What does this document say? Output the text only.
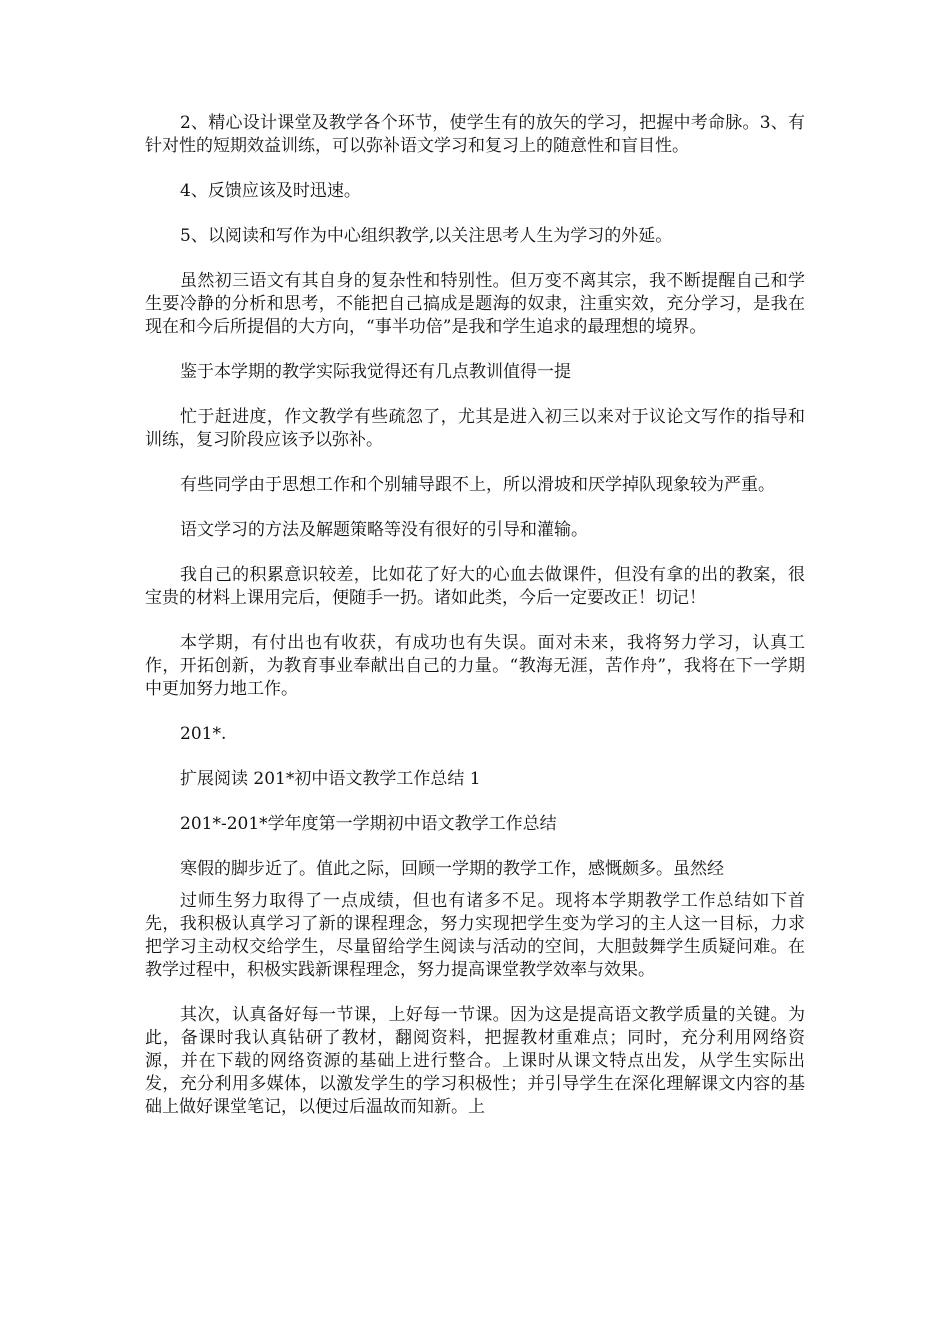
2、精心设计课堂及教学各个环节，使学生有的放矢的学习，把握中考命脉。3、有针对性的短期效益训练，可以弥补语文学习和复习上的随意性和盲目性。

4、反馈应该及时迅速。

5、以阅读和写作为中心组织教学,以关注思考人生为学习的外延。

虽然初三语文有其自身的复杂性和特别性。但万变不离其宗，我不断提醒自己和学生要冷静的分析和思考，不能把自己搞成是题海的奴隶，注重实效，充分学习，是我在现在和今后所提倡的大方向，“事半功倍”是我和学生追求的最理想的境界。

鉴于本学期的教学实际我觉得还有几点教训值得一提

忙于赶进度，作文教学有些疏忽了，尤其是进入初三以来对于议论文写作的指导和训练，复习阶段应该予以弥补。

有些同学由于思想工作和个别辅导跟不上，所以滑坡和厌学掉队现象较为严重。

语文学习的方法及解题策略等没有很好的引导和灌输。

我自己的积累意识较差，比如花了好大的心血去做课件，但没有拿的出的教案，很宝贵的材料上课用完后，便随手一扔。诸如此类，今后一定要改正！切记！

本学期，有付出也有收获，有成功也有失误。面对未来，我将努力学习，认真工作，开拓创新，为教育事业奉献出自己的力量。“教海无涯，苦作舟”，我将在下一学期中更加努力地工作。

201*.

扩展阅读 201*初中语文教学工作总结 1

201*-201*学年度第一学期初中语文教学工作总结

寒假的脚步近了。值此之际，回顾一学期的教学工作，感慨颇多。虽然经

过师生努力取得了一点成绩，但也有诸多不足。现将本学期教学工作总结如下首先，我积极认真学习了新的课程理念，努力实现把学生变为学习的主人这一目标，力求把学习主动权交给学生，尽量留给学生阅读与活动的空间，大胆鼓舞学生质疑问难。在教学过程中，积极实践新课程理念，努力提高课堂教学效率与效果。

其次，认真备好每一节课，上好每一节课。因为这是提高语文教学质量的关键。为此，备课时我认真钻研了教材，翻阅资料，把握教材重难点；同时，充分利用网络资源，并在下载的网络资源的基础上进行整合。上课时从课文特点出发，从学生实际出发，充分利用多媒体，以激发学生的学习积极性；并引导学生在深化理解课文内容的基础上做好课堂笔记，以便过后温故而知新。上
